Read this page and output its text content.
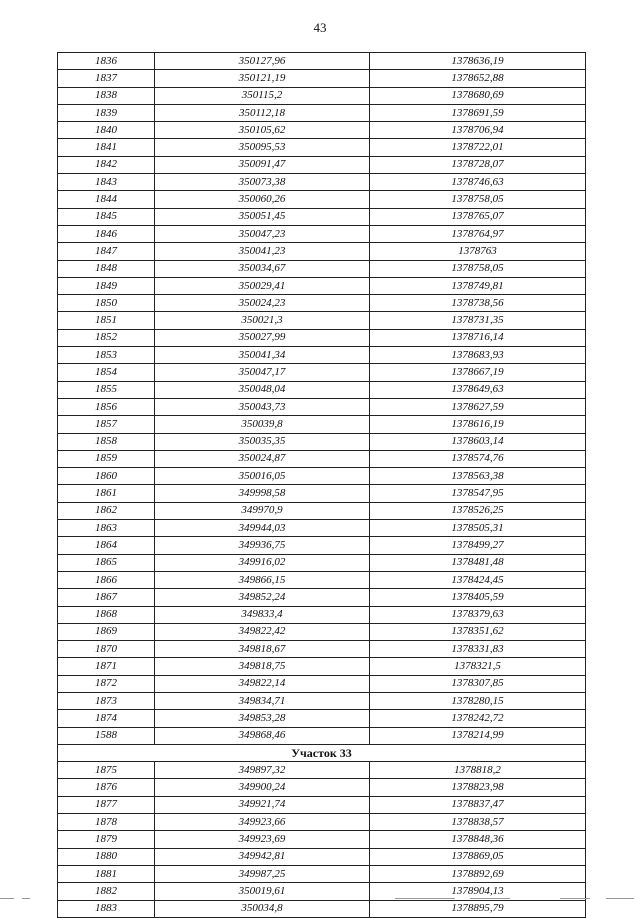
43
1836	350127,96	1378636,19
1837	350121,19	1378652,88
1838	350115,2	1378680,69
1839	350112,18	1378691,59
1840	350105,62	1378706,94
1841	350095,53	1378722,01
1842	350091,47	1378728,07
1843	350073,38	1378746,63
1844	350060,26	1378758,05
1845	350051,45	1378765,07
1846	350047,23	1378764,97
1847	350041,23	1378763
1848	350034,67	1378758,05
1849	350029,41	1378749,81
1850	350024,23	1378738,56
1851	350021,3	1378731,35
1852	350027,99	1378716,14
1853	350041,34	1378683,93
1854	350047,17	1378667,19
1855	350048,04	1378649,63
1856	350043,73	1378627,59
1857	350039,8	1378616,19
1858	350035,35	1378603,14
1859	350024,87	1378574,76
1860	350016,05	1378563,38
1861	349998,58	1378547,95
1862	349970,9	1378526,25
1863	349944,03	1378505,31
1864	349936,75	1378499,27
1865	349916,02	1378481,48
1866	349866,15	1378424,45
1867	349852,24	1378405,59
1868	349833,4	1378379,63
1869	349822,42	1378351,62
1870	349818,67	1378331,83
1871	349818,75	1378321,5
1872	349822,14	1378307,85
1873	349834,71	1378280,15
1874	349853,28	1378242,72
1588	349868,46	1378214,99
Участок 33		
1875	349897,32	1378818,2
1876	349900,24	1378823,98
1877	349921,74	1378837,47
1878	349923,66	1378838,57
1879	349923,69	1378848,36
1880	349942,81	1378869,05
1881	349987,25	1378892,69
1882	350019,61	1378904,13
1883	350034,8	1378895,79
